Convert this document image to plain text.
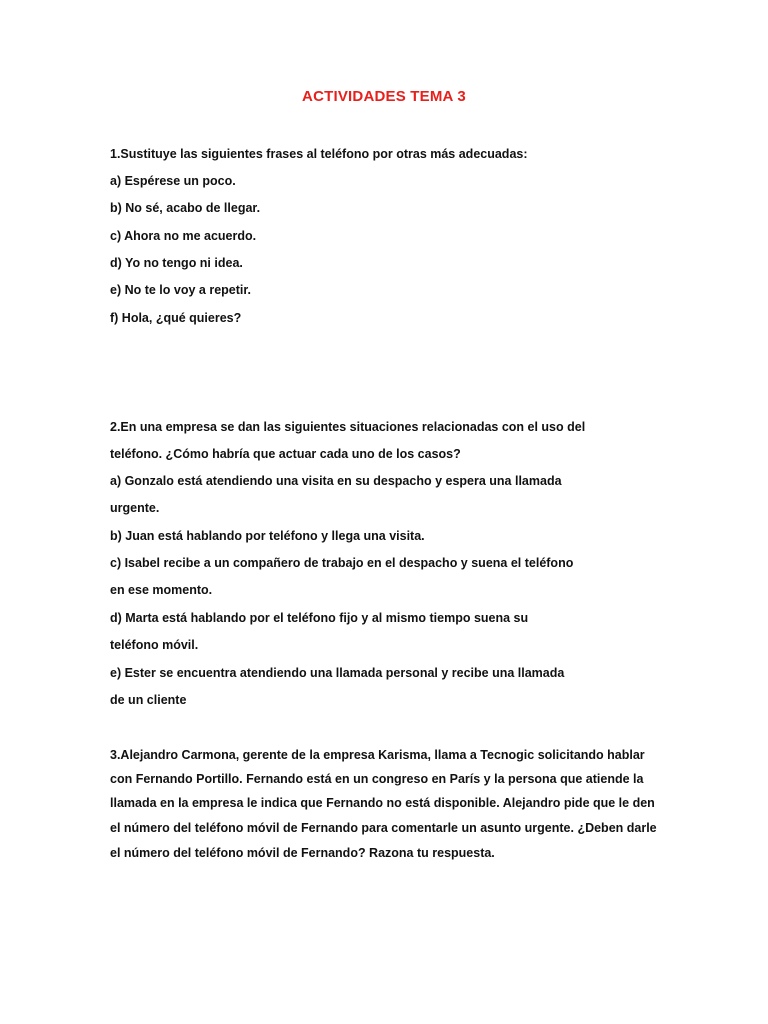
ACTIVIDADES TEMA 3
1.Sustituye las siguientes frases al teléfono por otras más adecuadas:
a) Espérese un poco.
b) No sé, acabo de llegar.
c) Ahora no me acuerdo.
d) Yo no tengo ni idea.
e) No te lo voy a repetir.
f) Hola, ¿qué quieres?
2.En una empresa se dan las siguientes situaciones relacionadas con el uso del
teléfono. ¿Cómo habría que actuar cada uno de los casos?
a) Gonzalo está atendiendo una visita en su despacho y espera una llamada
urgente.
b) Juan está hablando por teléfono y llega una visita.
c) Isabel recibe a un compañero de trabajo en el despacho y suena el teléfono
en ese momento.
d) Marta está hablando por el teléfono fijo y al mismo tiempo suena su
teléfono móvil.
e) Ester se encuentra atendiendo una llamada personal y recibe una llamada
de un cliente
3.Alejandro Carmona, gerente de la empresa Karisma, llama a Tecnogic solicitando hablar
con Fernando Portillo. Fernando está en un congreso en París y la persona que atiende la
llamada en la empresa le indica que Fernando no está disponible. Alejandro pide que le den
el número del teléfono móvil de Fernando para comentarle un asunto urgente. ¿Deben darle
el número del teléfono móvil de Fernando? Razona tu respuesta.
